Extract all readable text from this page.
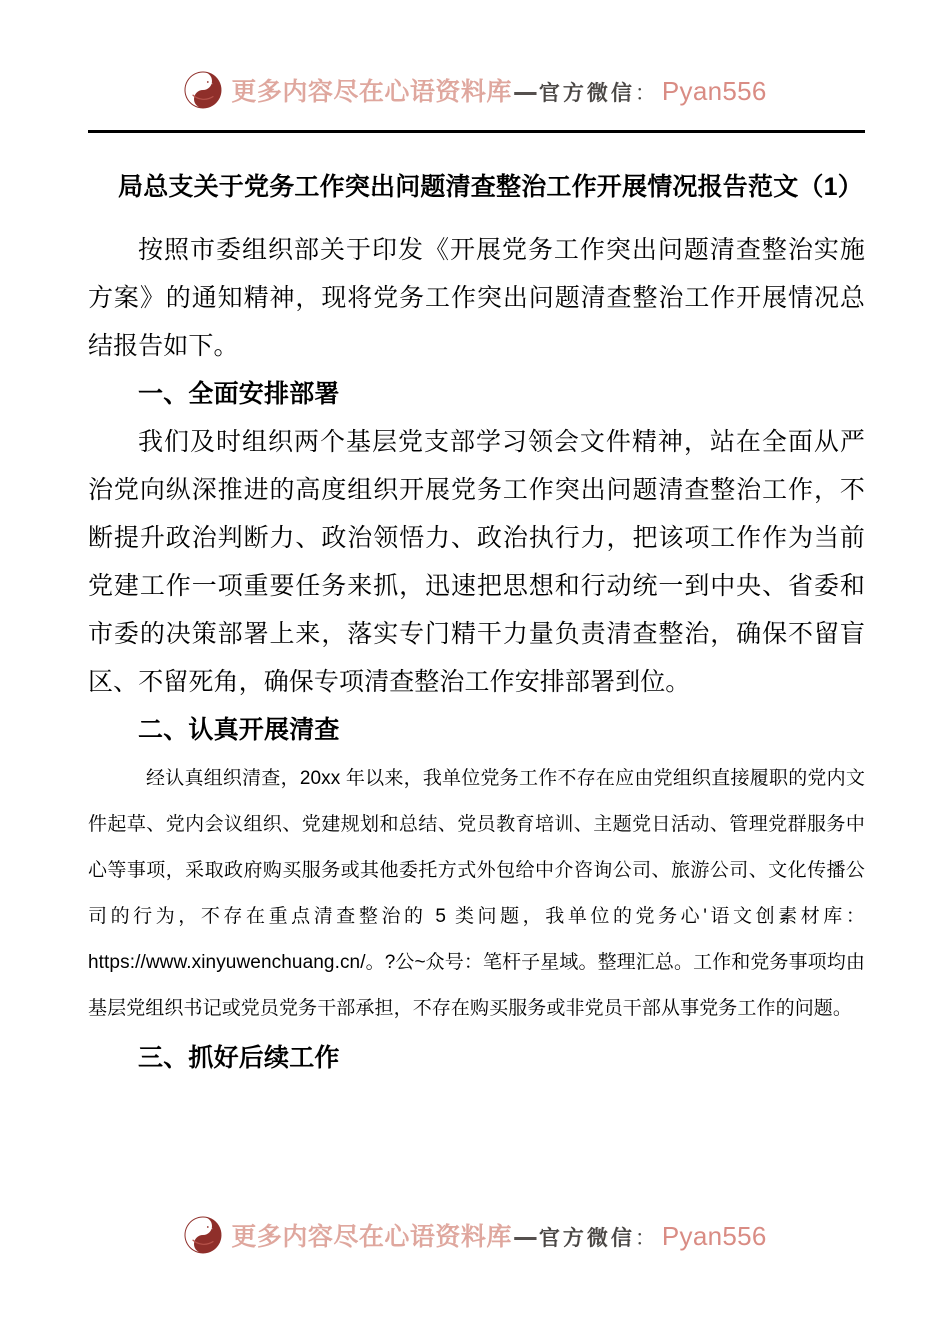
更多内容尽在心语资料库 — 官方微信 ： Pyan556
局总支关于党务工作突出问题清查整治工作开展情况报告范文（1）

按照市委组织部关于印发《开展党务工作突出问题清查整治实施方案》的通知精神，现将党务工作突出问题清查整治工作开展情况总结报告如下。

一、全面安排部署

我们及时组织两个基层党支部学习领会文件精神，站在全面从严治党向纵深推进的高度组织开展党务工作突出问题清查整治工作，不断提升政治判断力、政治领悟力、政治执行力，把该项工作作为当前党建工作一项重要任务来抓，迅速把思想和行动统一到中央、省委和市委的决策部署上来，落实专门精干力量负责清查整治，确保不留盲区、不留死角，确保专项清查整治工作安排部署到位。

二、认真开展清查

经认真组织清查，20xx 年以来，我单位党务工作不存在应由党组织直接履职的党内文件起草、党内会议组织、党建规划和总结、党员教育培训、主题党日活动、管理党群服务中心等事项，采取政府购买服务或其他委托方式外包给中介咨询公司、旅游公司、文化传播公司的行为，不存在重点清查整治的 5 类问题，我单位的党务心'语文创素材库：https://www.xinyuwenchuang.cn/。?公~众号：笔杆子星域。整理汇总。工作和党务事项均由基层党组织书记或党员党务干部承担，不存在购买服务或非党员干部从事党务工作的问题。

三、抓好后续工作
更多内容尽在心语资料库 — 官方微信 ： Pyan556
